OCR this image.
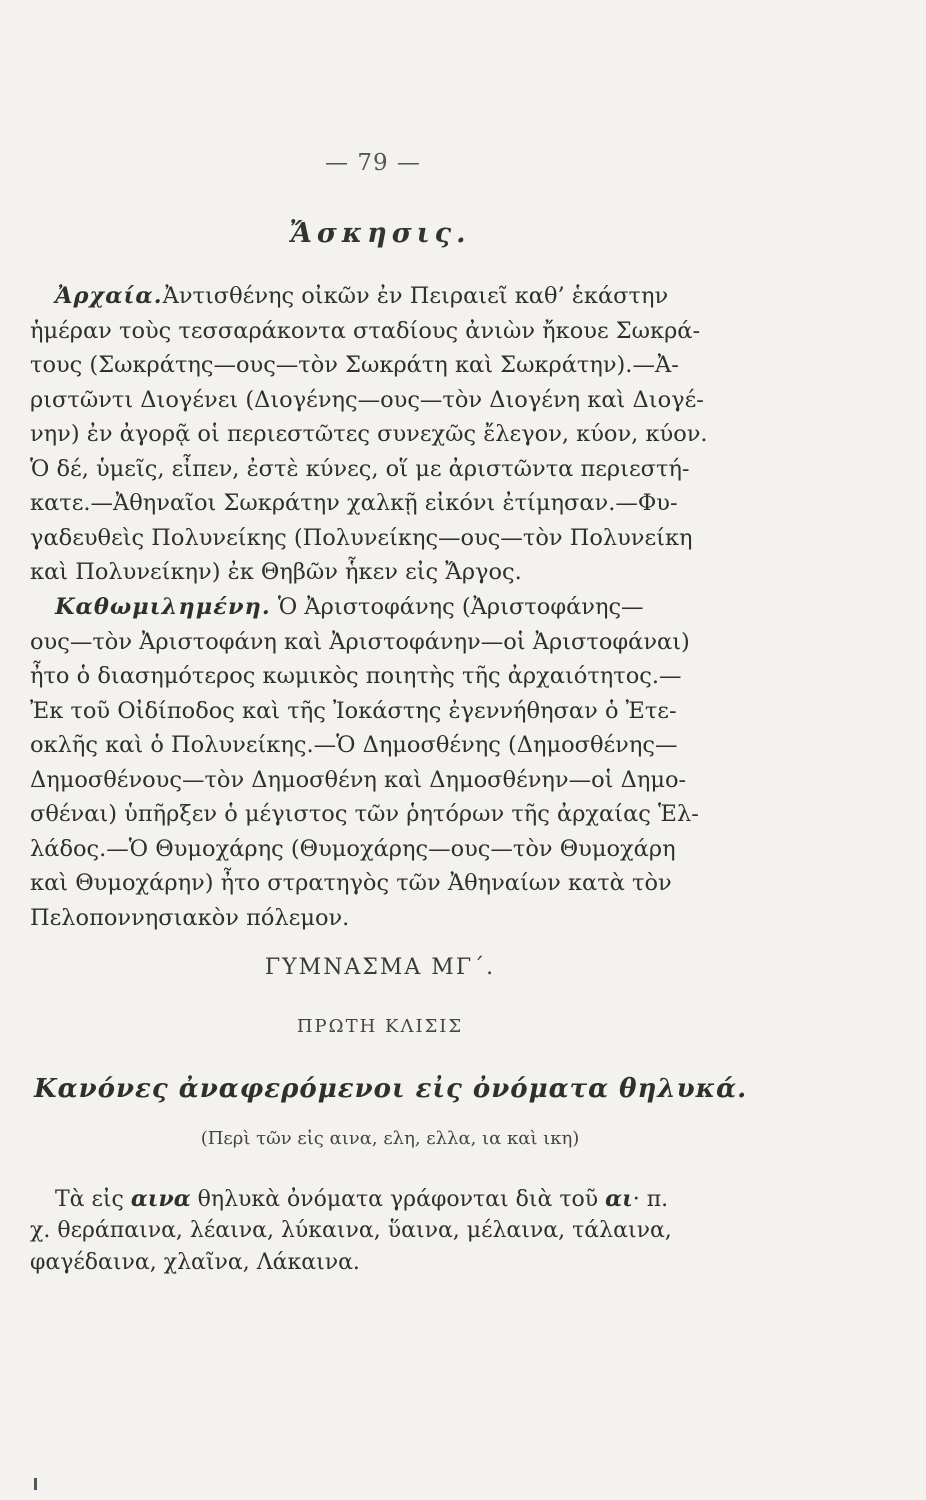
— 79 —
Ἄσκησις.
Ἀρχαία.Ἀντισθένης οἰκῶν ἐν Πειραιεῖ καθ’ ἑκάστην
ἡμέραν τοὺς τεσσαράκοντα σταδίους ἀνιὼν ἤκουε Σωκρά-
τους (Σωκράτης—ους—τὸν Σωκράτη καὶ Σωκράτην).—Ἀ-
ριστῶντι Διογένει (Διογένης—ους—τὸν Διογένη καὶ Διογέ-
νην) ἐν ἀγορᾷ οἱ περιεστῶτες συνεχῶς ἔλεγον, κύον, κύον.
Ὁ δέ, ὑμεῖς, εἶπεν, ἐστὲ κύνες, οἵ με ἀριστῶντα περιεστή-
κατε.—Ἀθηναῖοι Σωκράτην χαλκῇ εἰκόνι ἐτίμησαν.—Φυ-
γαδευθεὶς Πολυνείκης (Πολυνείκης—ους—τὸν Πολυνείκη
καὶ Πολυνείκην) ἐκ Θηβῶν ἧκεν εἰς Ἄργος.
Καθωμιλημένη. Ὁ Ἀριστοφάνης (Ἀριστοφάνης—
ους—τὸν Ἀριστοφάνη καὶ Ἀριστοφάνην—οἱ Ἀριστοφάναι)
ἦτο ὁ διασημότερος κωμικὸς ποιητὴς τῆς ἀρχαιότητος.—
Ἐκ τοῦ Οἰδίποδος καὶ τῆς Ἰοκάστης ἐγεννήθησαν ὁ Ἐτε-
οκλῆς καὶ ὁ Πολυνείκης.—Ὁ Δημοσθένης (Δημοσθένης—
Δημοσθένους—τὸν Δημοσθένη καὶ Δημοσθένην—οἱ Δημο-
σθέναι) ὑπῆρξεν ὁ μέγιστος τῶν ῥητόρων τῆς ἀρχαίας Ἑλ-
λάδος.—Ὁ Θυμοχάρης (Θυμοχάρης—ους—τὸν Θυμοχάρη
καὶ Θυμοχάρην) ἦτο στρατηγὸς τῶν Ἀθηναίων κατὰ τὸν
Πελοποννησιακὸν πόλεμον.
ΓΥΜΝΑΣΜΑ ΜΓ΄.
ΠΡΩΤΗ ΚΛΙΣΙΣ
Κανόνες ἀναφερόμενοι εἰς ὀνόματα θηλυκά.
(Περὶ τῶν εἰς αινα, ελη, ελλα, ια καὶ ικη)
Τὰ εἰς αινα θηλυκὰ ὀνόματα γράφονται διὰ τοῦ αι· π.
χ. θεράπαινα, λέαινα, λύκαινα, ὕαινα, μέλαινα, τάλαινα,
φαγέδαινα, χλαῖνα, Λάκαινα.
